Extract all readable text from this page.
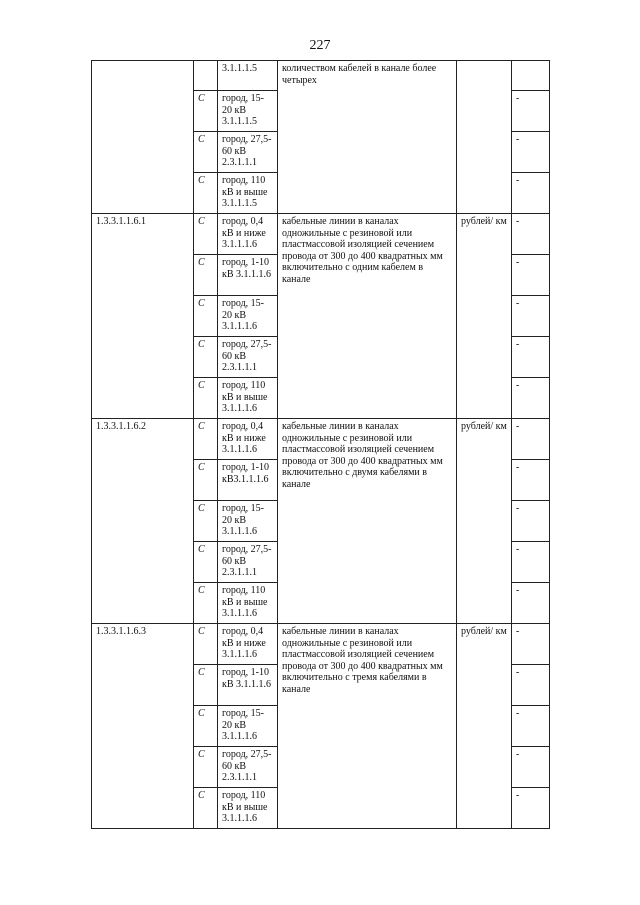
227
		3.1.1.1.5	количеством кабелей в канале более четырех		
	С	город, 15-20 кВ 3.1.1.1.5			-
	С	город, 27,5-60 кВ 2.3.1.1.1			-
	С	город, 110 кВ и выше 3.1.1.1.5			-
1.3.3.1.1.6.1	С	город, 0,4 кВ и ниже 3.1.1.1.6	кабельные линии в каналах одножильные с резиновой или пластмассовой изоляцией сечением провода от 300 до 400 квадратных мм включительно с одним кабелем в канале	рублей/ км	-
	С	город, 1-10 кВ 3.1.1.1.6			-
	С	город, 15-20 кВ 3.1.1.1.6			-
	С	город, 27,5-60 кВ 2.3.1.1.1			-
	С	город, 110 кВ и выше 3.1.1.1.6			-
1.3.3.1.1.6.2	С	город, 0,4 кВ и ниже 3.1.1.1.6	кабельные линии в каналах одножильные с резиновой или пластмассовой изоляцией сечением провода от 300 до 400 квадратных мм включительно с двумя кабелями в канале	рублей/ км	-
	С	город, 1-10 кВ3.1.1.1.6			-
	С	город, 15-20 кВ 3.1.1.1.6			-
	С	город, 27,5-60 кВ 2.3.1.1.1			-
	С	город, 110 кВ и выше 3.1.1.1.6			-
1.3.3.1.1.6.3	С	город, 0,4 кВ и ниже 3.1.1.1.6	кабельные линии в каналах одножильные с резиновой или пластмассовой изоляцией сечением провода от 300 до 400 квадратных мм включительно с тремя кабелями в канале	рублей/ км	-
	С	город, 1-10 кВ 3.1.1.1.6			-
	С	город, 15-20 кВ 3.1.1.1.6			-
	С	город, 27,5-60 кВ 2.3.1.1.1			-
	С	город, 110 кВ и выше 3.1.1.1.6			-
